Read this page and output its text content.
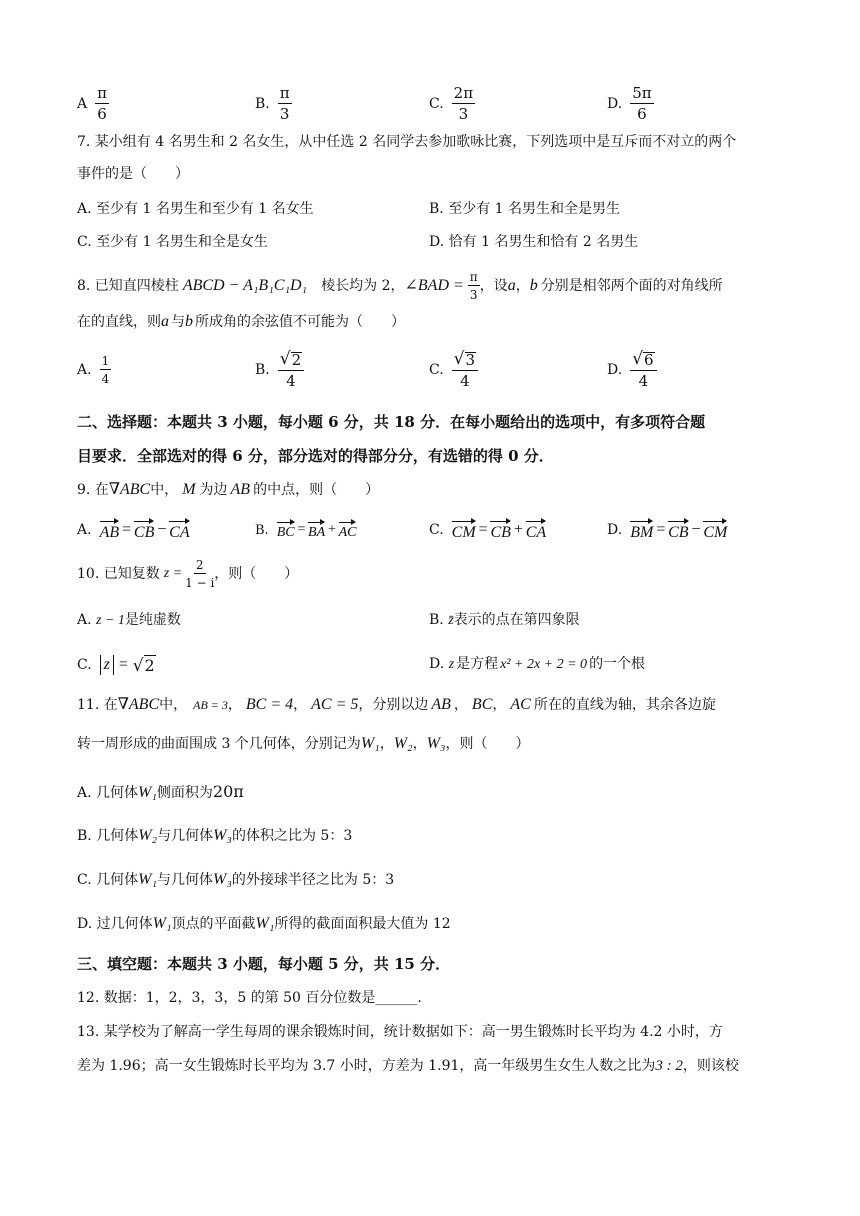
A $\frac{\pi}{6}$	B. $\frac{\pi}{3}$	C. $\frac{2\pi}{3}$	D. $\frac{5\pi}{6}$
7. 某小组有 4 名男生和 2 名女生，从中任选 2 名同学去参加歌咏比赛，下列选项中是互斥而不对立的两个
事件的是（　　）
A. 至少有 1 名男生和至少有 1 名女生	B. 至少有 1 名男生和全是男生
C. 至少有 1 名男生和全是女生	D. 恰有 1 名男生和恰有 2 名男生
8. 已知直四棱柱 ABCD − A₁B₁C₁D₁ 　棱长均为 2， ∠BAD = $\frac{\pi}{3}$ ，设 a ， b 分别是相邻两个面的对角线所
在的直线，则a 与b 所成角的余弦值不可能为（　　）
A. $\frac{1}{4}$	B. $\frac{√ 2}{4}$	C. $\frac{√ 3}{4}$	D. $\frac{√ 6}{4}$
二、选择题：本题共 3 小题，每小题 6 分，共 18 分．在每小题给出的选项中，有多项符合题
目要求．全部选对的得 6 分，部分选对的得部分分，有选错的得 0 分．
9. 在∇ABC中， M 为边 AB 的中点，则（　　）
A. AB = CB − CA	B. BC = BA + AC	C. CM = CB + CA	D. BM = CB − CM
10. 已知复数 $z = \frac{2}{1 - i}$ ，则（　　）
A. z − 1是纯虚数	B. z̄表示的点在第四象限
C. z = √ 2	D. z 是方程 x² + 2x + 2 = 0 的一个根
11. 在∇ABC中， AB = 3， BC = 4， AC = 5，分别以边 AB ， BC， AC 所在的直线为轴，其余各边旋
转一周形成的曲面围成 3 个几何体，分别记为W₁，W₂，W₃，则（　　）
A. 几何体W₁侧面积为20π
B. 几何体W₂与几何体W₃的体积之比为 5：3
C. 几何体W₁与几何体W₃的外接球半径之比为 5：3
D. 过几何体W₁顶点的平面截W₁所得的截面面积最大值为 12
三、填空题：本题共 3 小题，每小题 5 分，共 15 分．
12. 数据：1，2，3，3，5 的第 50 百分位数是______.
13. 某学校为了解高一学生每周的课余锻炼时间，统计数据如下：高一男生锻炼时长平均为 4.2 小时，方
差为 1.96；高一女生锻炼时长平均为 3.7 小时，方差为 1.91，高一年级男生女生人数之比为3 : 2，则该校
